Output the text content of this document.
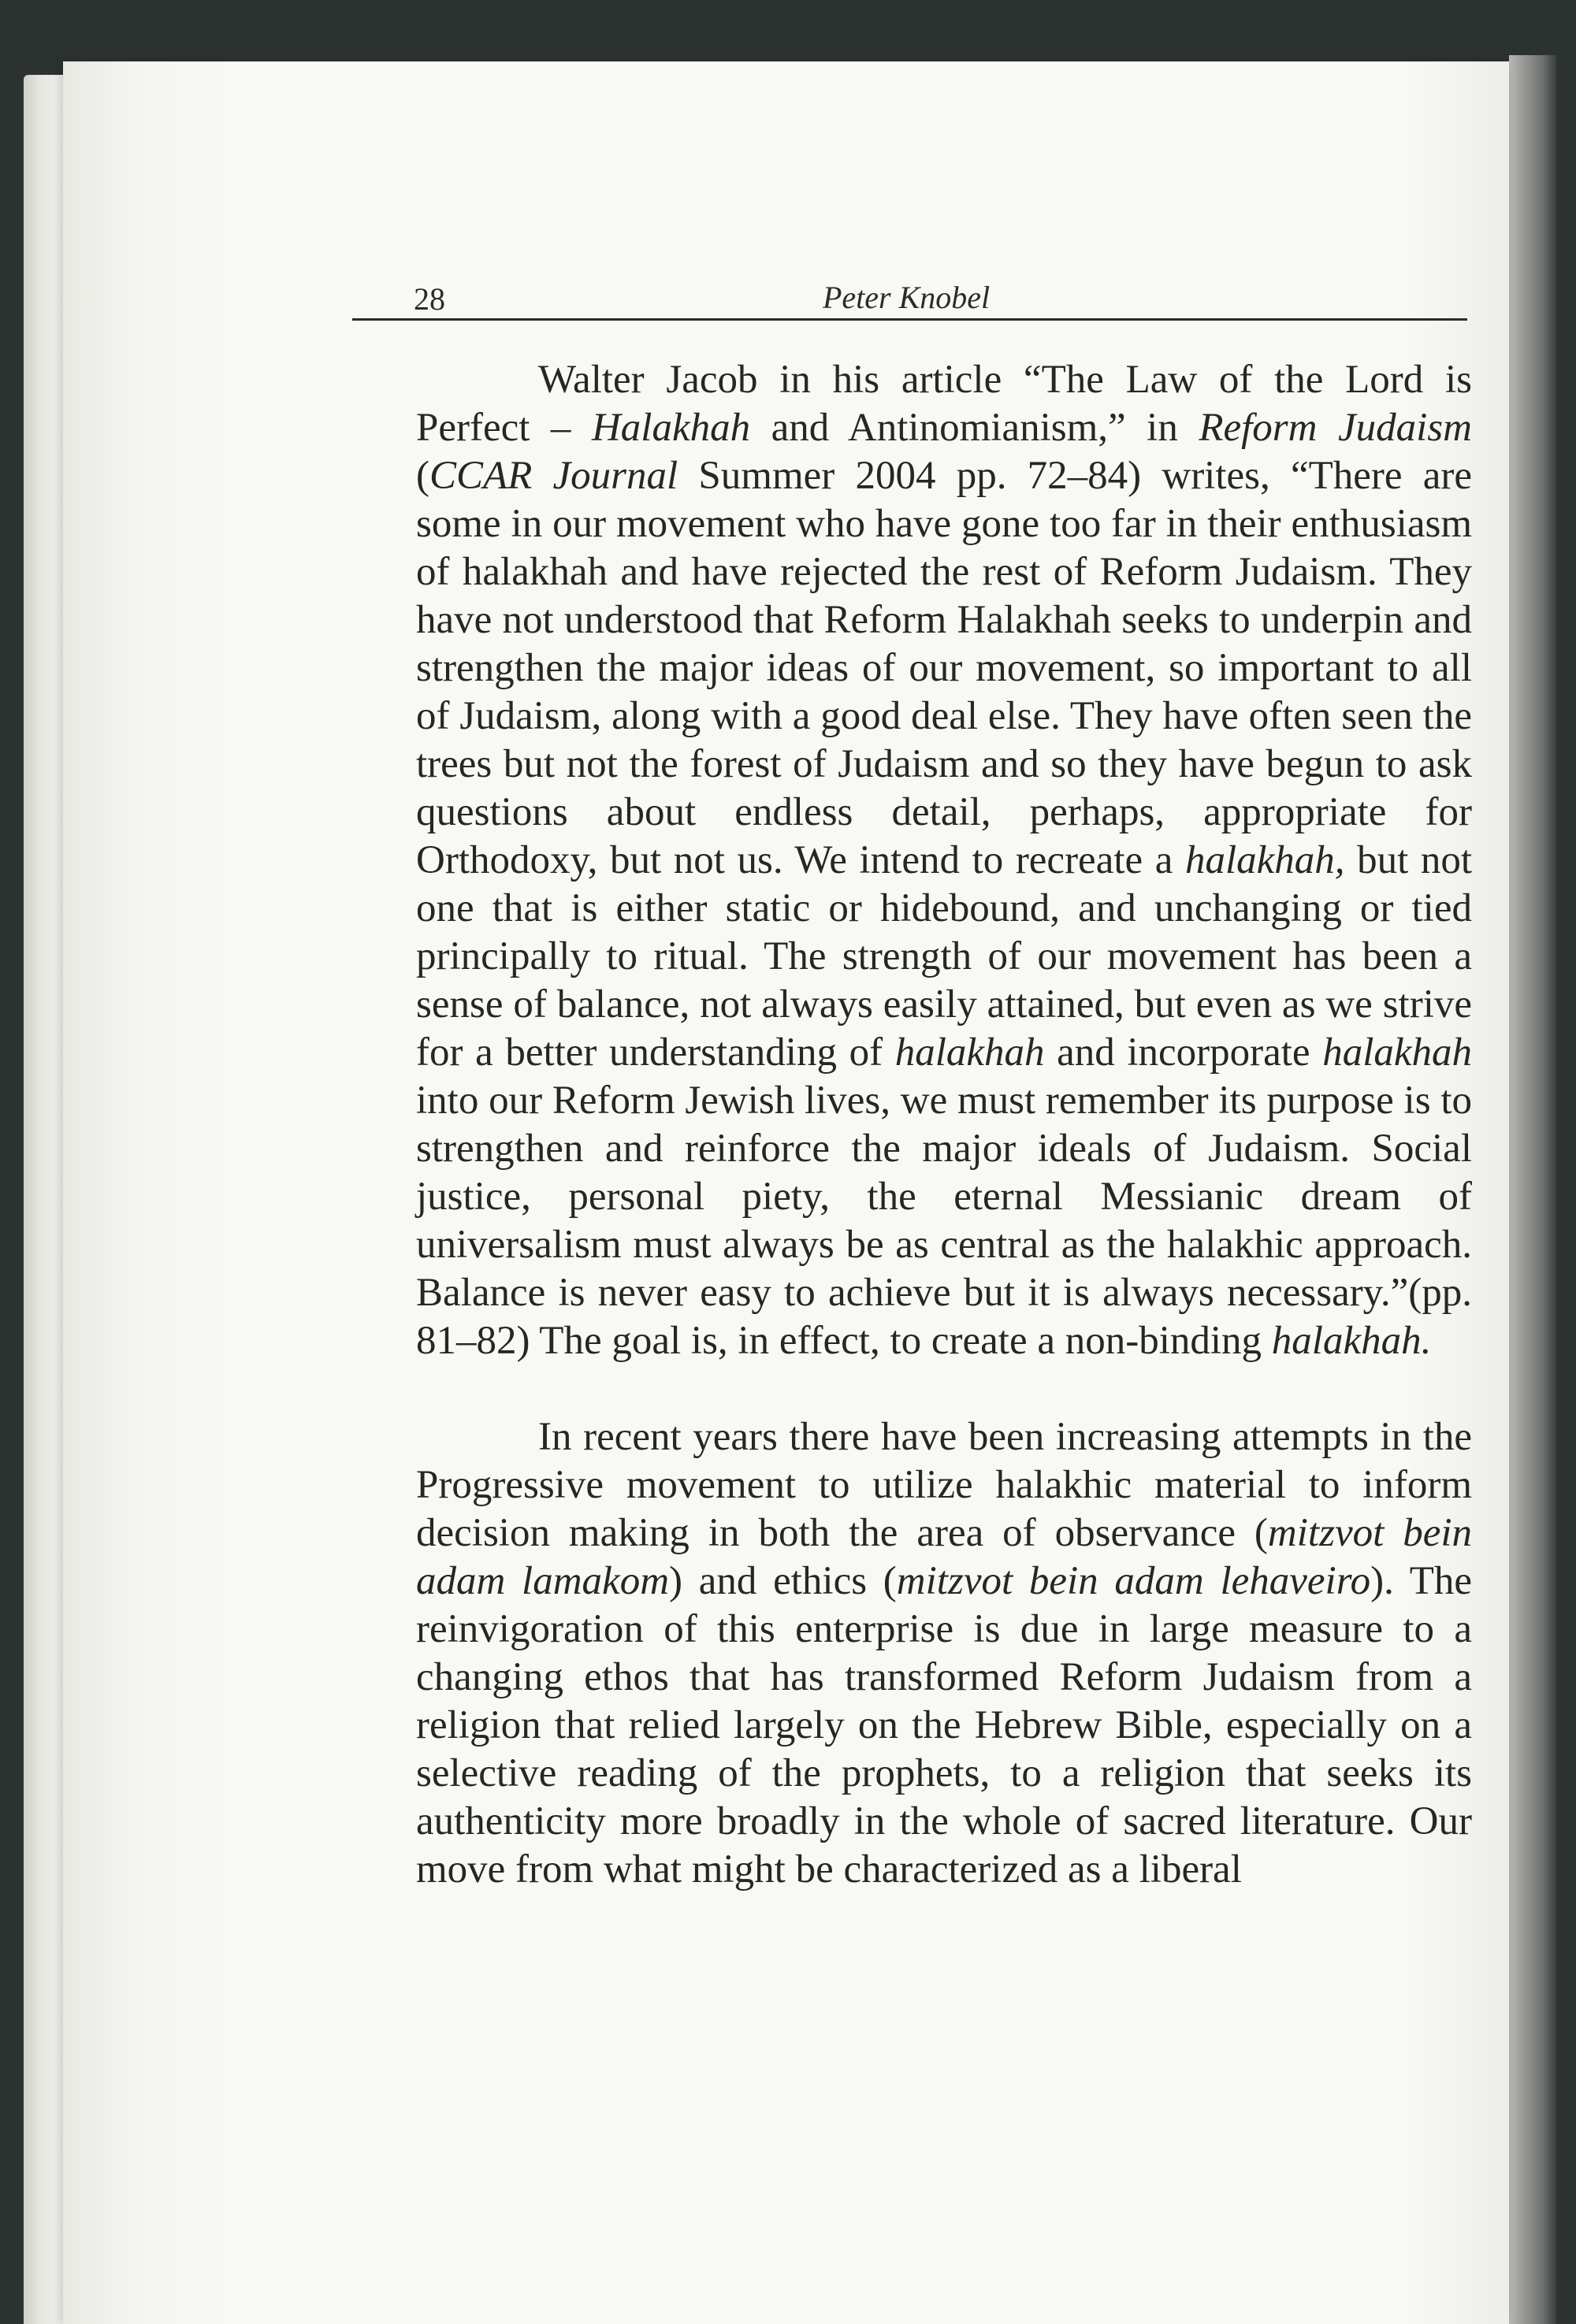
28	Peter Knobel

Walter Jacob in his article “The Law of the Lord is Perfect – Halakhah and Antinomianism,” in Reform Judaism (CCAR Journal Summer 2004 pp. 72–84) writes, “There are some in our movement who have gone too far in their enthusiasm of halakhah and have rejected the rest of Reform Judaism. They have not understood that Reform Halakhah seeks to underpin and strengthen the major ideas of our movement, so important to all of Judaism, along with a good deal else. They have often seen the trees but not the forest of Judaism and so they have begun to ask questions about endless detail, perhaps, appropriate for Orthodoxy, but not us. We intend to recreate a halakhah, but not one that is either static or hidebound, and unchanging or tied principally to ritual. The strength of our movement has been a sense of balance, not always easily attained, but even as we strive for a better understanding of halakhah and incorporate halakhah into our Reform Jewish lives, we must remember its purpose is to strengthen and reinforce the major ideals of Judaism. Social justice, personal piety, the eternal Messianic dream of universalism must always be as central as the halakhic approach. Balance is never easy to achieve but it is always necessary.”(pp. 81–82) The goal is, in effect, to create a non-binding halakhah.

In recent years there have been increasing attempts in the Progressive movement to utilize halakhic material to inform decision making in both the area of observance (mitzvot bein adam lamakom) and ethics (mitzvot bein adam lehaveiro). The reinvigoration of this enterprise is due in large measure to a changing ethos that has transformed Reform Judaism from a religion that relied largely on the Hebrew Bible, especially on a selective reading of the prophets, to a religion that seeks its authenticity more broadly in the whole of sacred literature. Our move from what might be characterized as a liberal
